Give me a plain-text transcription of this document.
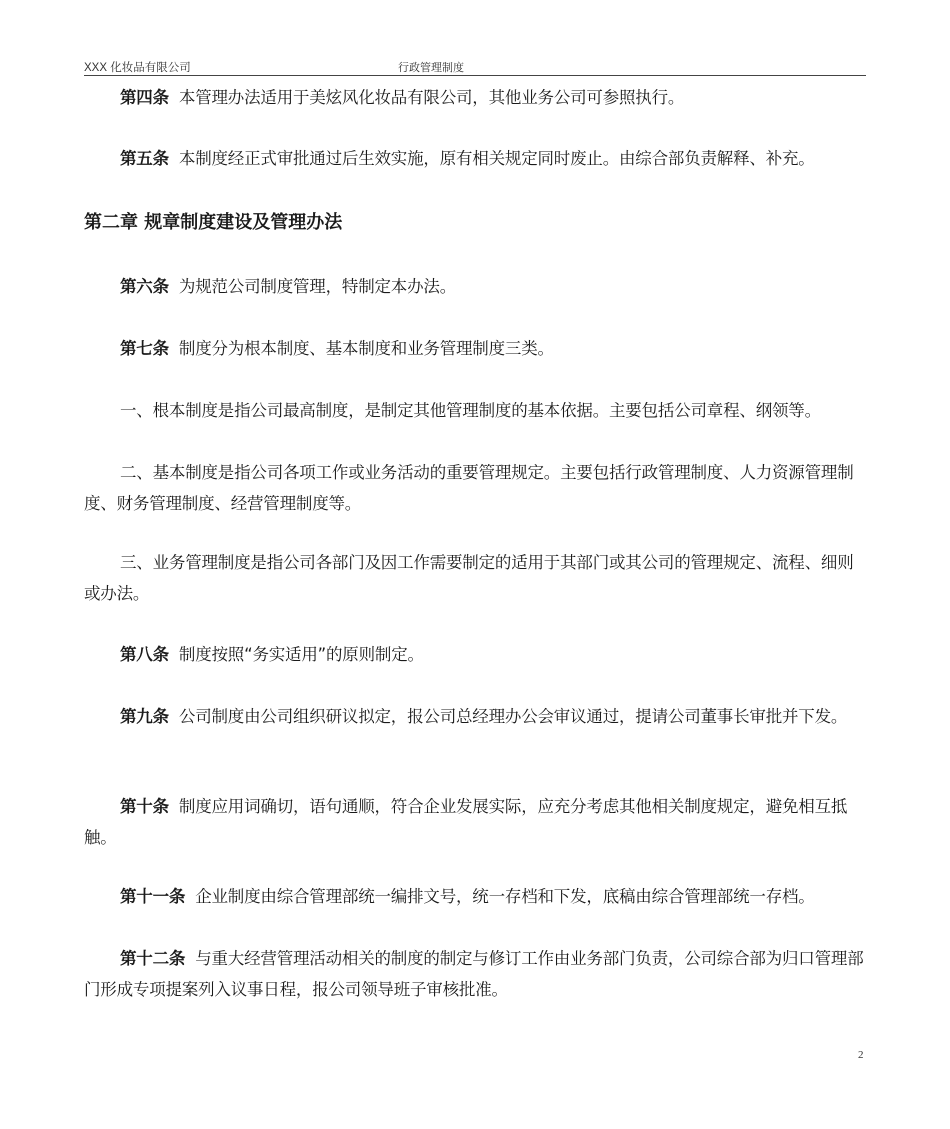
XXX 化妆品有限公司	行政管理制度
第四条 本管理办法适用于美炫风化妆品有限公司，其他业务公司可参照执行。
第五条 本制度经正式审批通过后生效实施，原有相关规定同时废止。由综合部负责解释、补充。
第二章 规章制度建设及管理办法
第六条 为规范公司制度管理，特制定本办法。
第七条 制度分为根本制度、基本制度和业务管理制度三类。
一、根本制度是指公司最高制度，是制定其他管理制度的基本依据。主要包括公司章程、纲领等。
二、基本制度是指公司各项工作或业务活动的重要管理规定。主要包括行政管理制度、人力资源管理制度、财务管理制度、经营管理制度等。
三、业务管理制度是指公司各部门及因工作需要制定的适用于其部门或其公司的管理规定、流程、细则或办法。
第八条 制度按照“务实适用”的原则制定。
第九条 公司制度由公司组织研议拟定，报公司总经理办公会审议通过，提请公司董事长审批并下发。
第十条 制度应用词确切，语句通顺，符合企业发展实际，应充分考虑其他相关制度规定，避免相互抵触。
第十一条 企业制度由综合管理部统一编排文号，统一存档和下发，底稿由综合管理部统一存档。
第十二条 与重大经营管理活动相关的制度的制定与修订工作由业务部门负责，公司综合部为归口管理部门形成专项提案列入议事日程，报公司领导班子审核批准。
2
